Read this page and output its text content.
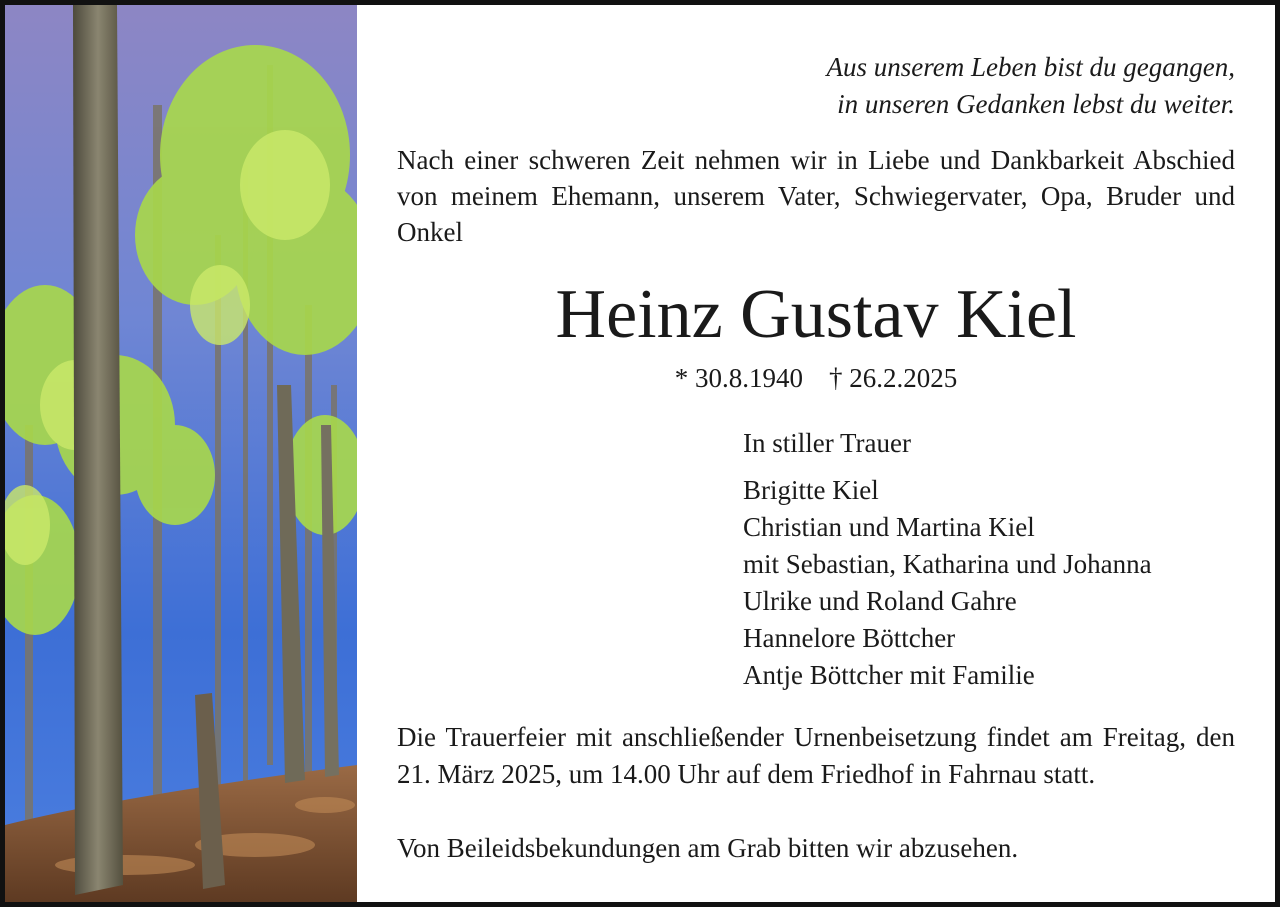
Aus unserem Leben bist du gegangen,
in unseren Gedanken lebst du weiter.
Nach einer schweren Zeit nehmen wir in Liebe und Dankbarkeit Abschied von meinem Ehemann, unserem Vater, Schwiegervater, Opa, Bruder und Onkel
Heinz Gustav Kiel
* 30.8.1940 † 26.2.2025
In stiller Trauer
Brigitte Kiel
Christian und Martina Kiel
mit Sebastian, Katharina und Johanna
Ulrike und Roland Gahre
Hannelore Böttcher
Antje Böttcher mit Familie
Die Trauerfeier mit anschließender Urnenbeisetzung findet am Freitag, den 21. März 2025, um 14.00 Uhr auf dem Friedhof in Fahrnau statt.
Von Beileidsbekundungen am Grab bitten wir abzusehen.
